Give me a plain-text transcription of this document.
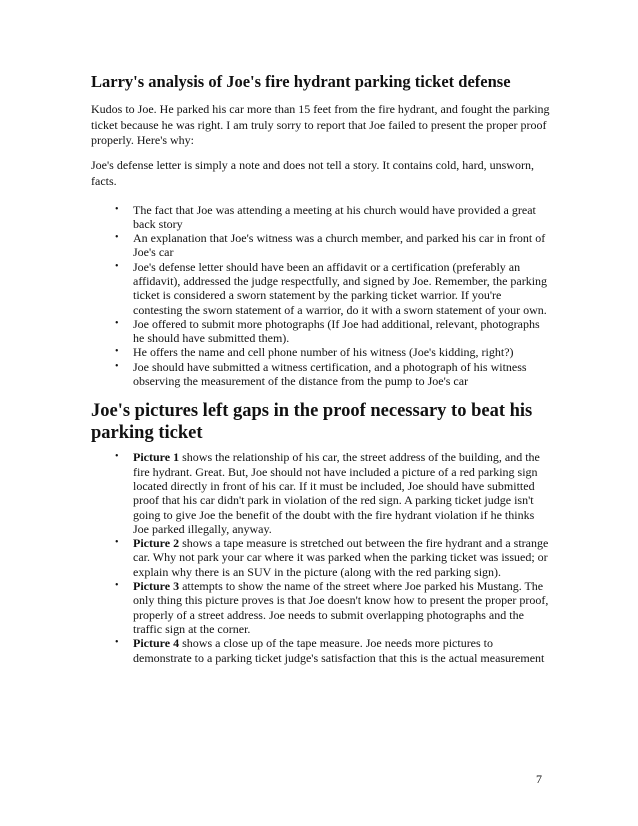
Larry's analysis of Joe's fire hydrant parking ticket defense

Kudos to Joe. He parked his car more than 15 feet from the fire hydrant, and fought the parking ticket because he was right. I am truly sorry to report that Joe failed to present the proper proof properly. Here's why:

Joe's defense letter is simply a note and does not tell a story. It contains cold, hard, unsworn, facts.

• The fact that Joe was attending a meeting at his church would have provided a great back story
• An explanation that Joe's witness was a church member, and parked his car in front of Joe's car
• Joe's defense letter should have been an affidavit or a certification (preferably an affidavit), addressed the judge respectfully, and signed by Joe. Remember, the parking ticket is considered a sworn statement by the parking ticket warrior. If you're contesting the sworn statement of a warrior, do it with a sworn statement of your own.
• Joe offered to submit more photographs (If Joe had additional, relevant, photographs he should have submitted them).
• He offers the name and cell phone number of his witness (Joe's kidding, right?)
• Joe should have submitted a witness certification, and a photograph of his witness observing the measurement of the distance from the pump to Joe's car
Joe's pictures left gaps in the proof necessary to beat his parking ticket
• Picture 1 shows the relationship of his car, the street address of the building, and the fire hydrant. Great. But, Joe should not have included a picture of a red parking sign located directly in front of his car. If it must be included, Joe should have submitted proof that his car didn't park in violation of the red sign. A parking ticket judge isn't going to give Joe the benefit of the doubt with the fire hydrant violation if he thinks Joe parked illegally, anyway.
• Picture 2 shows a tape measure is stretched out between the fire hydrant and a strange car. Why not park your car where it was parked when the parking ticket was issued; or explain why there is an SUV in the picture (along with the red parking sign).
• Picture 3 attempts to show the name of the street where Joe parked his Mustang. The only thing this picture proves is that Joe doesn't know how to present the proper proof, properly of a street address. Joe needs to submit overlapping photographs and the traffic sign at the corner.
• Picture 4 shows a close up of the tape measure. Joe needs more pictures to demonstrate to a parking ticket judge's satisfaction that this is the actual measurement
7
